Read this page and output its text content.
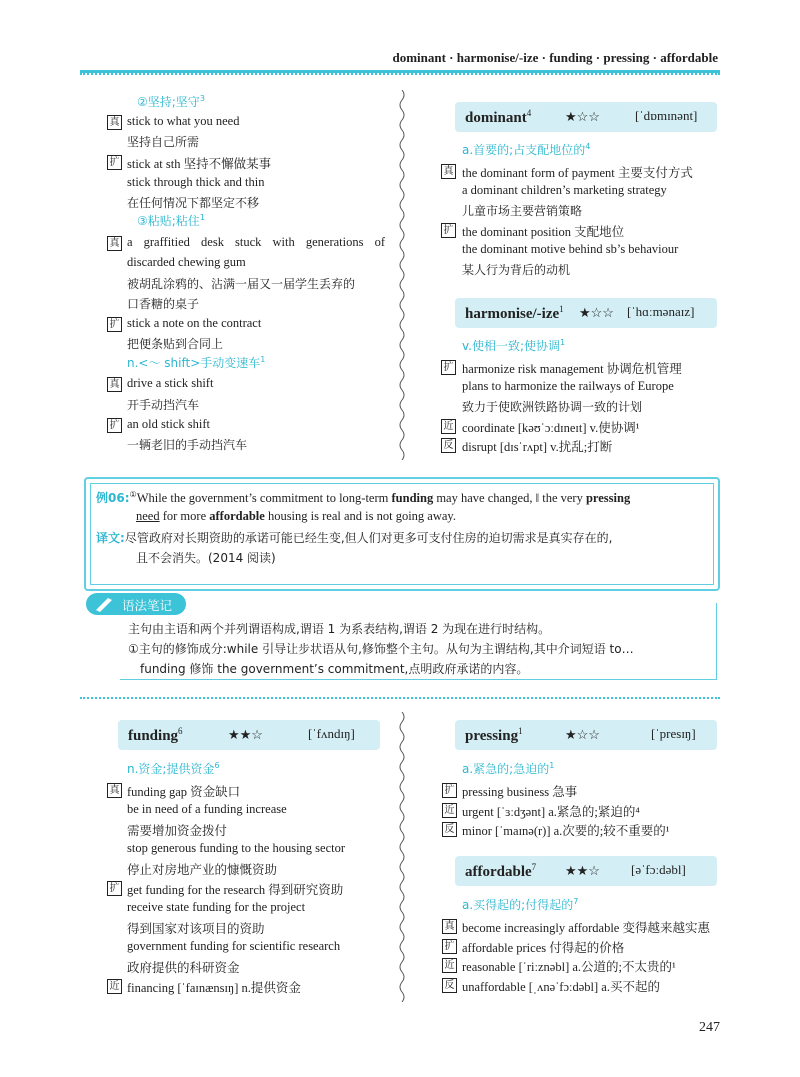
dominant · harmonise/-ize · funding · pressing · affordable
②坚持;坚守$^3$
真 stick to what you need
坚持自己所需
扩 stick at sth 坚持不懈做某事
stick through thick and thin
在任何情况下都坚定不移
③粘贴;粘住$^1$
真 a graffitied desk stuck with generations of
discarded chewing gum
被胡乱涂鸦的、沾满一届又一届学生丢弃的
口香糖的桌子
扩 stick a note on the contract
把便条贴到合同上
n.<～ shift>手动变速车$^1$
真 drive a stick shift
开手动挡汽车
扩 an old stick shift
一辆老旧的手动挡汽车
dominant$^4$	★☆☆	[ˈdɒmɪnənt]
a.首要的;占支配地位的$^4$
真 the dominant form of payment 主要支付方式
a dominant children’s marketing strategy
儿童市场主要营销策略
扩 the dominant position 支配地位
the dominant motive behind sb’s behaviour
某人行为背后的动机
harmonise/-ize$^1$ ★☆☆ [ˈhɑːmənaɪz]
v.使相一致;使协调$^1$
扩 harmonize risk management 协调危机管理
plans to harmonize the railways of Europe
致力于使欧洲铁路协调一致的计划
近 coordinate [kəʊˈɔːdɪneɪt] v.使协调¹
反 disrupt [dɪsˈrʌpt] v.扰乱;打断
例06:①While the government’s commitment to long-term funding may have changed, ‖ the very pressing
need for more affordable housing is real and is not going away.
译文:尽管政府对长期资助的承诺可能已经生变,但人们对更多可支付住房的迫切需求是真实存在的,
且不会消失。(2014 阅读)
语法笔记
主句由主语和两个并列谓语构成,谓语 1 为系表结构,谓语 2 为现在进行时结构。
①主句的修饰成分:while 引导让步状语从句,修饰整个主句。从句为主谓结构,其中介词短语 to…
funding 修饰 the government’s commitment,点明政府承诺的内容。
funding$^6$	★★☆	[ˈfʌndɪŋ]
n.资金;提供资金$^6$
真 funding gap 资金缺口
be in need of a funding increase
需要增加资金拨付
stop generous funding to the housing sector
停止对房地产业的慷慨资助
扩 get funding for the research 得到研究资助
receive state funding for the project
得到国家对该项目的资助
government funding for scientific research
政府提供的科研资金
近 financing [ˈfaɪnænsɪŋ] n.提供资金
pressing$^1$	★☆☆	[ˈpresɪŋ]
a.紧急的;急迫的$^1$
扩 pressing business 急事
近 urgent [ˈɜːdʒənt] a.紧急的;紧迫的⁴
反 minor [ˈmaɪnə(r)] a.次要的;较不重要的¹
affordable$^7$ ★★☆ [əˈfɔːdəbl]
a.买得起的;付得起的$^7$
真 become increasingly affordable 变得越来越实惠
扩 affordable prices 付得起的价格
近 reasonable [ˈriːznəbl] a.公道的;不太贵的¹
反 unaffordable [ˌʌnəˈfɔːdəbl] a.买不起的
247
